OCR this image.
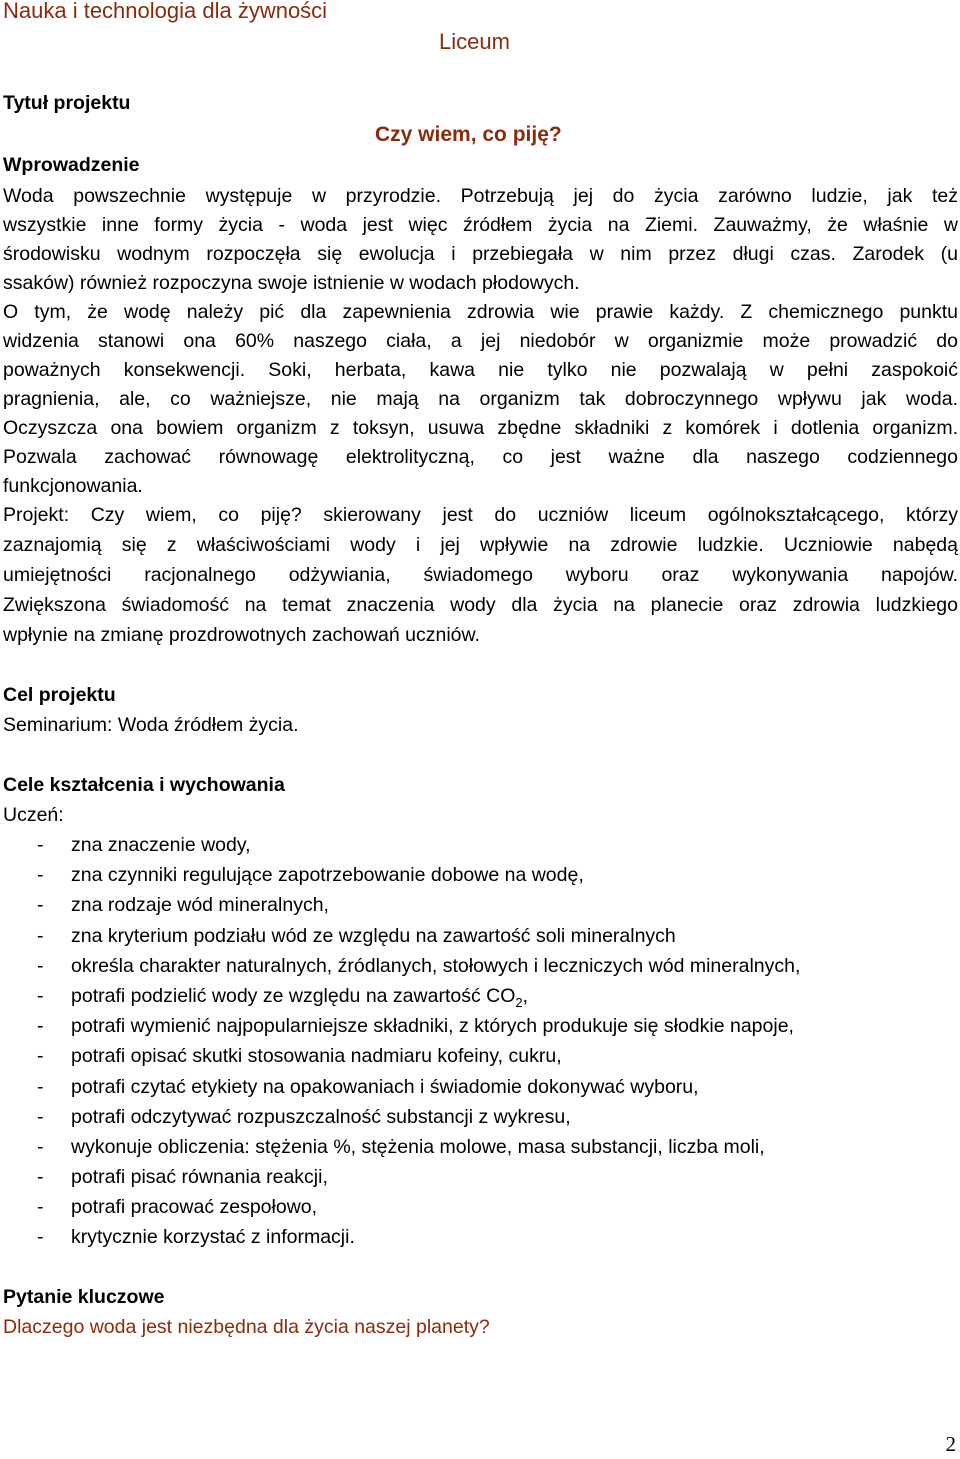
Nauka i technologia dla żywności
Liceum
Tytuł projektu
Czy wiem, co piję?
Wprowadzenie
Woda powszechnie występuje w przyrodzie. Potrzebują jej do życia zarówno ludzie, jak też
wszystkie inne formy życia - woda jest więc źródłem życia na Ziemi. Zauważmy, że właśnie w
środowisku wodnym rozpoczęła się ewolucja i przebiegała w nim przez długi czas. Zarodek (u
ssaków) również rozpoczyna swoje istnienie w wodach płodowych.
O tym, że wodę należy pić dla zapewnienia zdrowia wie prawie każdy. Z chemicznego punktu
widzenia stanowi ona 60% naszego ciała, a jej niedobór w organizmie może prowadzić do
poważnych konsekwencji. Soki, herbata, kawa nie tylko nie pozwalają w pełni zaspokoić
pragnienia, ale, co ważniejsze, nie mają na organizm tak dobroczynnego wpływu jak woda.
Oczyszcza ona bowiem organizm z toksyn, usuwa zbędne składniki z komórek i dotlenia organizm.
Pozwala zachować równowagę elektrolityczną, co jest ważne dla naszego codziennego
funkcjonowania.
Projekt: Czy wiem, co piję? skierowany jest do uczniów liceum ogólnokształcącego, którzy
zaznajomią się z właściwościami wody i jej wpływie na zdrowie ludzkie. Uczniowie nabędą
umiejętności racjonalnego odżywiania, świadomego wyboru oraz wykonywania napojów.
Zwiększona świadomość na temat znaczenia wody dla życia na planecie oraz zdrowia ludzkiego
wpłynie na zmianę prozdrowotnych zachowań uczniów.
Cel projektu
Seminarium: Woda źródłem życia.
Cele kształcenia i wychowania
Uczeń:
- zna znaczenie wody,
- zna czynniki regulujące zapotrzebowanie dobowe na wodę,
- zna rodzaje wód mineralnych,
- zna kryterium podziału wód ze względu na zawartość soli mineralnych
- określa charakter naturalnych, źródlanych, stołowych i leczniczych wód mineralnych,
- potrafi podzielić wody ze względu na zawartość $CO_2$,
- potrafi wymienić najpopularniejsze składniki, z których produkuje się słodkie napoje,
- potrafi opisać skutki stosowania nadmiaru kofeiny, cukru,
- potrafi czytać etykiety na opakowaniach i świadomie dokonywać wyboru,
- potrafi odczytywać rozpuszczalność substancji z wykresu,
- wykonuje obliczenia: stężenia %, stężenia molowe, masa substancji, liczba moli,
- potrafi pisać równania reakcji,
- potrafi pracować zespołowo,
- krytycznie korzystać z informacji.
Pytanie kluczowe
Dlaczego woda jest niezbędna dla życia naszej planety?
2
